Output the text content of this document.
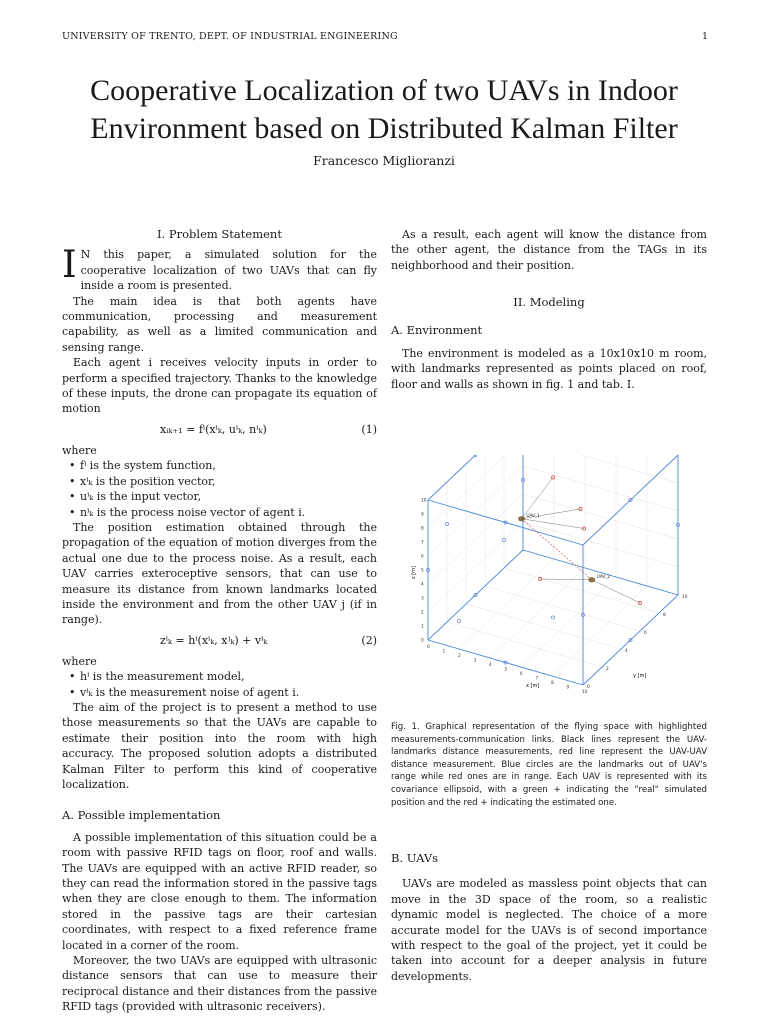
UNIVERSITY OF TRENTO, DEPT. OF INDUSTRIAL ENGINEERING	1
Cooperative Localization of two UAVs in Indoor
Environment based on Distributed Kalman Filter
Francesco Miglioranzi
I. Problem Statement

I N this paper, a simulated solution for the cooperative localization of two UAVs that can fly inside a room is presented.

The main idea is that both agents have communication, processing and measurement capability, as well as a limited communication and sensing range.

Each agent i receives velocity inputs in order to perform a specified trajectory. Thanks to the knowledge of these inputs, the drone can propagate its equation of motion

xᵢₖ₊₁ = fⁱ(xⁱₖ, uⁱₖ, nⁱₖ)	(1)

where

• fⁱ is the system function,
• xⁱₖ is the position vector,
• uⁱₖ is the input vector,
• nⁱₖ is the process noise vector of agent i.

The position estimation obtained through the propagation of the equation of motion diverges from the actual one due to the process noise. As a result, each UAV carries exteroceptive sensors, that can use to measure its distance from known landmarks located inside the environment and from the other UAV j (if in range).

zⁱₖ = hⁱ(xⁱₖ, xʲₖ) + vⁱₖ	(2)

where

• hⁱ is the measurement model,
• vⁱₖ is the measurement noise of agent i.

The aim of the project is to present a method to use those measurements so that the UAVs are capable to estimate their position into the room with high accuracy. The proposed solution adopts a distributed Kalman Filter to perform this kind of cooperative localization.

A. Possible implementation

A possible implementation of this situation could be a room with passive RFID tags on floor, roof and walls. The UAVs are equipped with an active RFID reader, so they can read the information stored in the passive tags when they are close enough to them. The information stored in the passive tags are their cartesian coordinates, with respect to a fixed reference frame located in a corner of the room.

Moreover, the two UAVs are equipped with ultrasonic distance sensors that can use to measure their reciprocal distance and their distances from the passive RFID tags (provided with ultrasonic receivers).

As a result, each agent will know the distance from the other agent, the distance from the TAGs in its neighborhood and their position.

II. Modeling
A. Environment

The environment is modeled as a 10x10x10 m room, with landmarks represented as points placed on roof, floor and walls as shown in fig. 1 and tab. I.

UAV_1
UAV_2
0
1
2
3
4
5
6
7
8
9
10
0
2
4
6
8
10
0
1
2
3
4
5
6
7
8
9
10
x [m]
y [m]
z [m]
Fig. 1. Graphical representation of the flying space with highlighted measurements-communication links. Black lines represent the UAV-landmarks distance measurements, red line represent the UAV-UAV distance measurement. Blue circles are the landmarks out of UAV's range while red ones are in range. Each UAV is represented with its covariance ellipsoid, with a green + indicating the "real" simulated position and the red + indicating the estimated one.
B. UAVs

UAVs are modeled as massless point objects that can move in the 3D space of the room, so a realistic dynamic model is neglected. The choice of a more accurate model for the UAVs is of second importance with respect to the goal of the project, yet it could be taken into account for a deeper analysis in future developments.
